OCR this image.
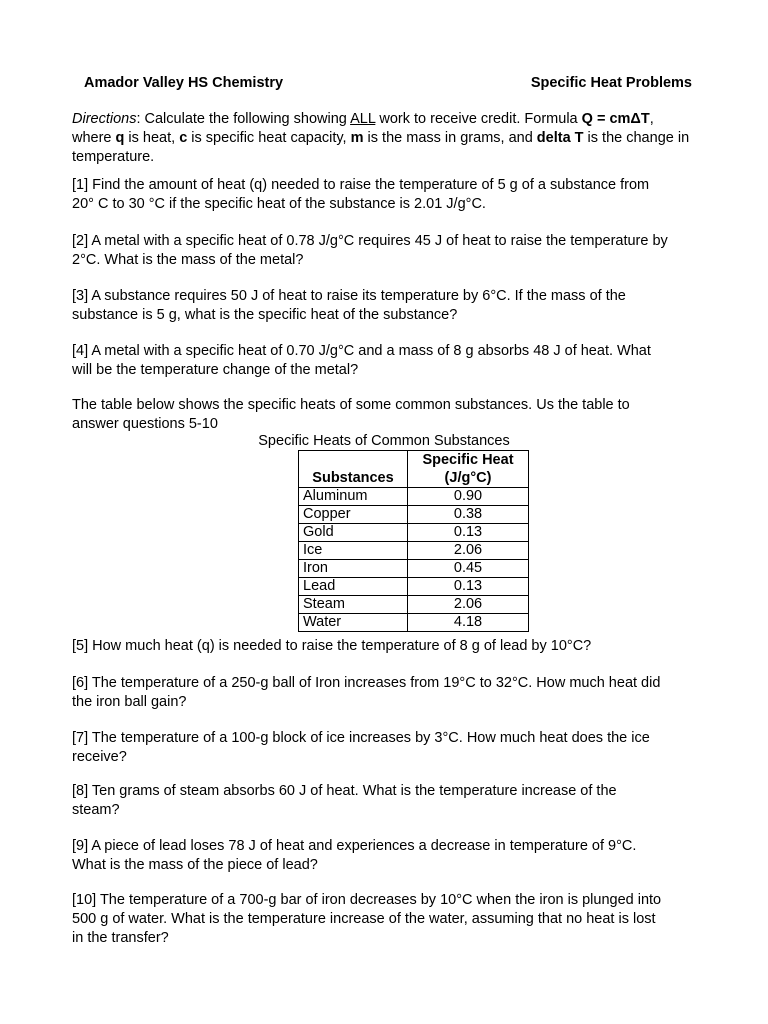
Amador Valley HS Chemistry	Specific Heat Problems

Directions: Calculate the following showing ALL work to receive credit. Formula Q = cmΔT, where q is heat, c is specific heat capacity, m is the mass in grams, and delta T is the change in temperature.

[1] Find the amount of heat (q) needed to raise the temperature of 5 g of a substance from

20° C to 30 °C if the specific heat of the substance is 2.01 J/g°C.

[2] A metal with a specific heat of 0.78 J/g°C requires 45 J of heat to raise the temperature by

2°C. What is the mass of the metal?

[3] A substance requires 50 J of heat to raise its temperature by 6°C. If the mass of the

substance is 5 g, what is the specific heat of the substance?

[4] A metal with a specific heat of 0.70 J/g°C and a mass of 8 g absorbs 48 J of heat. What

will be the temperature change of the metal?

The table below shows the specific heats of some common substances. Us the table to

answer questions 5-10

Specific Heats of Common Substances
Substances	Specific Heat
(J/g°C)
Aluminum	0.90
Copper	0.38
Gold	0.13
Ice	2.06
Iron	0.45
Lead	0.13
Steam	2.06
Water	4.18

[5] How much heat (q) is needed to raise the temperature of 8 g of lead by 10°C?

[6] The temperature of a 250-g ball of Iron increases from 19°C to 32°C. How much heat did

the iron ball gain?

[7] The temperature of a 100-g block of ice increases by 3°C. How much heat does the ice

receive?

[8] Ten grams of steam absorbs 60 J of heat. What is the temperature increase of the

steam?

[9] A piece of lead loses 78 J of heat and experiences a decrease in temperature of 9°C.

What is the mass of the piece of lead?

[10] The temperature of a 700-g bar of iron decreases by 10°C when the iron is plunged into

500 g of water. What is the temperature increase of the water, assuming that no heat is lost

in the transfer?
